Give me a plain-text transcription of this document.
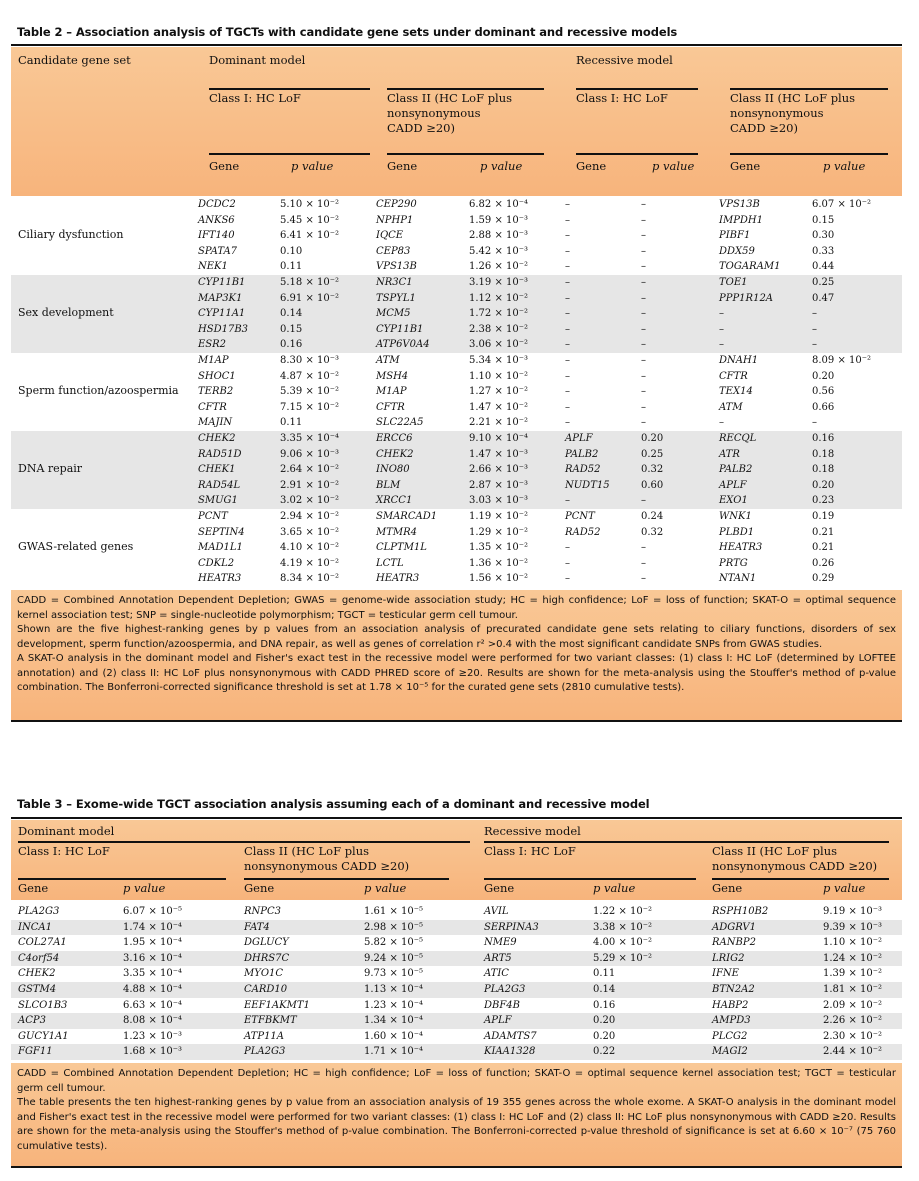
Table 2 – Association analysis of TGCTs with candidate gene sets under dominant and recessive models
Candidate gene set	Dominant model	Recessive model
Class I: HC LoF	Class II (HC LoF plus
nonsynonymous
CADD ≥20)
Class I: HC LoF	Class II (HC LoF plus
nonsynonymous
CADD ≥20)
Gene	p value	Gene	p value	Gene	p value	Gene	p value
Ciliary dysfunction
DCDC2	5.10 × 10⁻²	CEP290	6.82 × 10⁻⁴	–	–	VPS13B	6.07 × 10⁻²
ANKS6	5.45 × 10⁻²	NPHP1	1.59 × 10⁻³	–	–	IMPDH1	0.15
IFT140	6.41 × 10⁻²	IQCE	2.88 × 10⁻³	–	–	PIBF1	0.30
SPATA7	0.10	CEP83	5.42 × 10⁻³	–	–	DDX59	0.33
NEK1	0.11	VPS13B	1.26 × 10⁻²	–	–	TOGARAM1	0.44
Sex development
CYP11B1	5.18 × 10⁻²	NR3C1	3.19 × 10⁻³	–	–	TOE1	0.25
MAP3K1	6.91 × 10⁻²	TSPYL1	1.12 × 10⁻²	–	–	PPP1R12A	0.47
CYP11A1	0.14	MCM5	1.72 × 10⁻²	–	–	–	–
HSD17B3	0.15	CYP11B1	2.38 × 10⁻²	–	–	–	–
ESR2	0.16	ATP6V0A4	3.06 × 10⁻²	–	–	–	–
Sperm function/azoospermia
M1AP	8.30 × 10⁻³	ATM	5.34 × 10⁻³	–	–	DNAH1	8.09 × 10⁻²
SHOC1	4.87 × 10⁻²	MSH4	1.10 × 10⁻²	–	–	CFTR	0.20
TERB2	5.39 × 10⁻²	M1AP	1.27 × 10⁻²	–	–	TEX14	0.56
CFTR	7.15 × 10⁻²	CFTR	1.47 × 10⁻²	–	–	ATM	0.66
MAJIN	0.11	SLC22A5	2.21 × 10⁻²	–	–	–	–
DNA repair
CHEK2	3.35 × 10⁻⁴	ERCC6	9.10 × 10⁻⁴	APLF	0.20	RECQL	0.16
RAD51D	9.06 × 10⁻³	CHEK2	1.47 × 10⁻³	PALB2	0.25	ATR	0.18
CHEK1	2.64 × 10⁻²	INO80	2.66 × 10⁻³	RAD52	0.32	PALB2	0.18
RAD54L	2.91 × 10⁻²	BLM	2.87 × 10⁻³	NUDT15	0.60	APLF	0.20
SMUG1	3.02 × 10⁻²	XRCC1	3.03 × 10⁻³	–	–	EXO1	0.23
GWAS-related genes
PCNT	2.94 × 10⁻²	SMARCAD1	1.19 × 10⁻²	PCNT	0.24	WNK1	0.19
SEPTIN4	3.65 × 10⁻²	MTMR4	1.29 × 10⁻²	RAD52	0.32	PLBD1	0.21
MAD1L1	4.10 × 10⁻²	CLPTM1L	1.35 × 10⁻²	–	–	HEATR3	0.21
CDKL2	4.19 × 10⁻²	LCTL	1.36 × 10⁻²	–	–	PRTG	0.26
HEATR3	8.34 × 10⁻²	HEATR3	1.56 × 10⁻²	–	–	NTAN1	0.29

CADD = Combined Annotation Dependent Depletion; GWAS = genome-wide association study; HC = high confidence; LoF = loss of function; SKAT-O = optimal sequence kernel association test; SNP = single-nucleotide polymorphism; TGCT = testicular germ cell tumour.

Shown are the five highest-ranking genes by p values from an association analysis of precurated candidate gene sets relating to ciliary functions, disorders of sex development, sperm function/azoospermia, and DNA repair, as well as genes of correlation r² >0.4 with the most significant candidate SNPs from GWAS studies.

A SKAT-O analysis in the dominant model and Fisher's exact test in the recessive model were performed for two variant classes: (1) class I: HC LoF (determined by LOFTEE annotation) and (2) class II: HC LoF plus nonsynonymous with CADD PHRED score of ≥20. Results are shown for the meta-analysis using the Stouffer's method of p-value combination. The Bonferroni-corrected significance threshold is set at 1.78 × 10⁻⁵ for the curated gene sets (2810 cumulative tests).

Table 3 – Exome-wide TGCT association analysis assuming each of a dominant and recessive model
Dominant model	Recessive model
Class I: HC LoF	Class II (HC LoF plus
nonsynonymous CADD ≥20)
Class I: HC LoF	Class II (HC LoF plus
nonsynonymous CADD ≥20)
Gene	p value	Gene	p value	Gene	p value	Gene	p value
PLA2G3	6.07 × 10⁻⁵	RNPC3	1.61 × 10⁻⁵	AVIL	1.22 × 10⁻²	RSPH10B2	9.19 × 10⁻³
INCA1	1.74 × 10⁻⁴	FAT4	2.98 × 10⁻⁵	SERPINA3	3.38 × 10⁻²	ADGRV1	9.39 × 10⁻³
COL27A1	1.95 × 10⁻⁴	DGLUCY	5.82 × 10⁻⁵	NME9	4.00 × 10⁻²	RANBP2	1.10 × 10⁻²
C4orf54	3.16 × 10⁻⁴	DHRS7C	9.24 × 10⁻⁵	ART5	5.29 × 10⁻²	LRIG2	1.24 × 10⁻²
CHEK2	3.35 × 10⁻⁴	MYO1C	9.73 × 10⁻⁵	ATIC	0.11	IFNE	1.39 × 10⁻²
GSTM4	4.88 × 10⁻⁴	CARD10	1.13 × 10⁻⁴	PLA2G3	0.14	BTN2A2	1.81 × 10⁻²
SLCO1B3	6.63 × 10⁻⁴	EEF1AKMT1	1.23 × 10⁻⁴	DBF4B	0.16	HABP2	2.09 × 10⁻²
ACP3	8.08 × 10⁻⁴	ETFBKMT	1.34 × 10⁻⁴	APLF	0.20	AMPD3	2.26 × 10⁻²
GUCY1A1	1.23 × 10⁻³	ATP11A	1.60 × 10⁻⁴	ADAMTS7	0.20	PLCG2	2.30 × 10⁻²
FGF11	1.68 × 10⁻³	PLA2G3	1.71 × 10⁻⁴	KIAA1328	0.22	MAGI2	2.44 × 10⁻²

CADD = Combined Annotation Dependent Depletion; HC = high confidence; LoF = loss of function; SKAT-O = optimal sequence kernel association test; TGCT = testicular germ cell tumour.

The table presents the ten highest-ranking genes by p value from an association analysis of 19 355 genes across the whole exome. A SKAT-O analysis in the dominant model and Fisher's exact test in the recessive model were performed for two variant classes: (1) class I: HC LoF and (2) class II: HC LoF plus nonsynonymous with CADD ≥20. Results are shown for the meta-analysis using the Stouffer's method of p-value combination. The Bonferroni-corrected p-value threshold of significance is set at 6.60 × 10⁻⁷ (75 760 cumulative tests).
